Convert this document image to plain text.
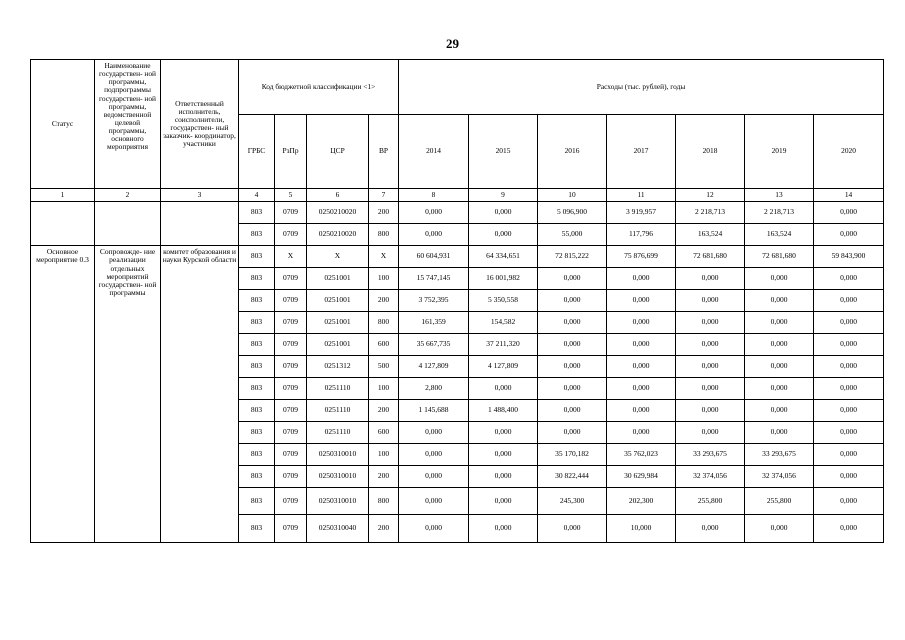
29
Статус	Наименование государствен- ной программы, подпрограммы государствен- ной программы, ведомственной целевой программы, основного мероприятия	Ответственный исполнитель, соисполнители, государствен- ный заказчик- координатор, участники	Код бюджетной классификации <1>				Расходы (тыс. рублей), годы						
			ГРБС	РзПр	ЦСР	ВР	2014	2015	2016	2017	2018	2019	2020
1	2	3	4	5	6	7	8	9	10	11	12	13	14
			803	0709	0250210020	200	0,000	0,000	5 096,900	3 919,957	2 218,713	2 218,713	0,000
			803	0709	0250210020	800	0,000	0,000	55,000	117,796	163,524	163,524	0,000
Основное мероприятие 0.3	Сопровожде- ние реализации отдельных мероприятий государствен- ной программы	комитет образования и науки Курской области	803	X	X	X	60 604,931	64 334,651	72 815,222	75 876,699	72 681,680	72 681,680	59 843,900
			803	0709	0251001	100	15 747,145	16 001,982	0,000	0,000	0,000	0,000	0,000
			803	0709	0251001	200	3 752,395	5 350,558	0,000	0,000	0,000	0,000	0,000
			803	0709	0251001	800	161,359	154,582	0,000	0,000	0,000	0,000	0,000
			803	0709	0251001	600	35 667,735	37 211,320	0,000	0,000	0,000	0,000	0,000
			803	0709	0251312	500	4 127,809	4 127,809	0,000	0,000	0,000	0,000	0,000
			803	0709	0251110	100	2,800	0,000	0,000	0,000	0,000	0,000	0,000
			803	0709	0251110	200	1 145,688	1 488,400	0,000	0,000	0,000	0,000	0,000
			803	0709	0251110	600	0,000	0,000	0,000	0,000	0,000	0,000	0,000
			803	0709	0250310010	100	0,000	0,000	35 170,182	35 762,023	33 293,675	33 293,675	0,000
			803	0709	0250310010	200	0,000	0,000	30 822,444	30 629,984	32 374,056	32 374,056	0,000
			803	0709	0250310010	800	0,000	0,000	245,300	202,300	255,800	255,800	0,000
			803	0709	0250310040	200	0,000	0,000	0,000	10,000	0,000	0,000	0,000
